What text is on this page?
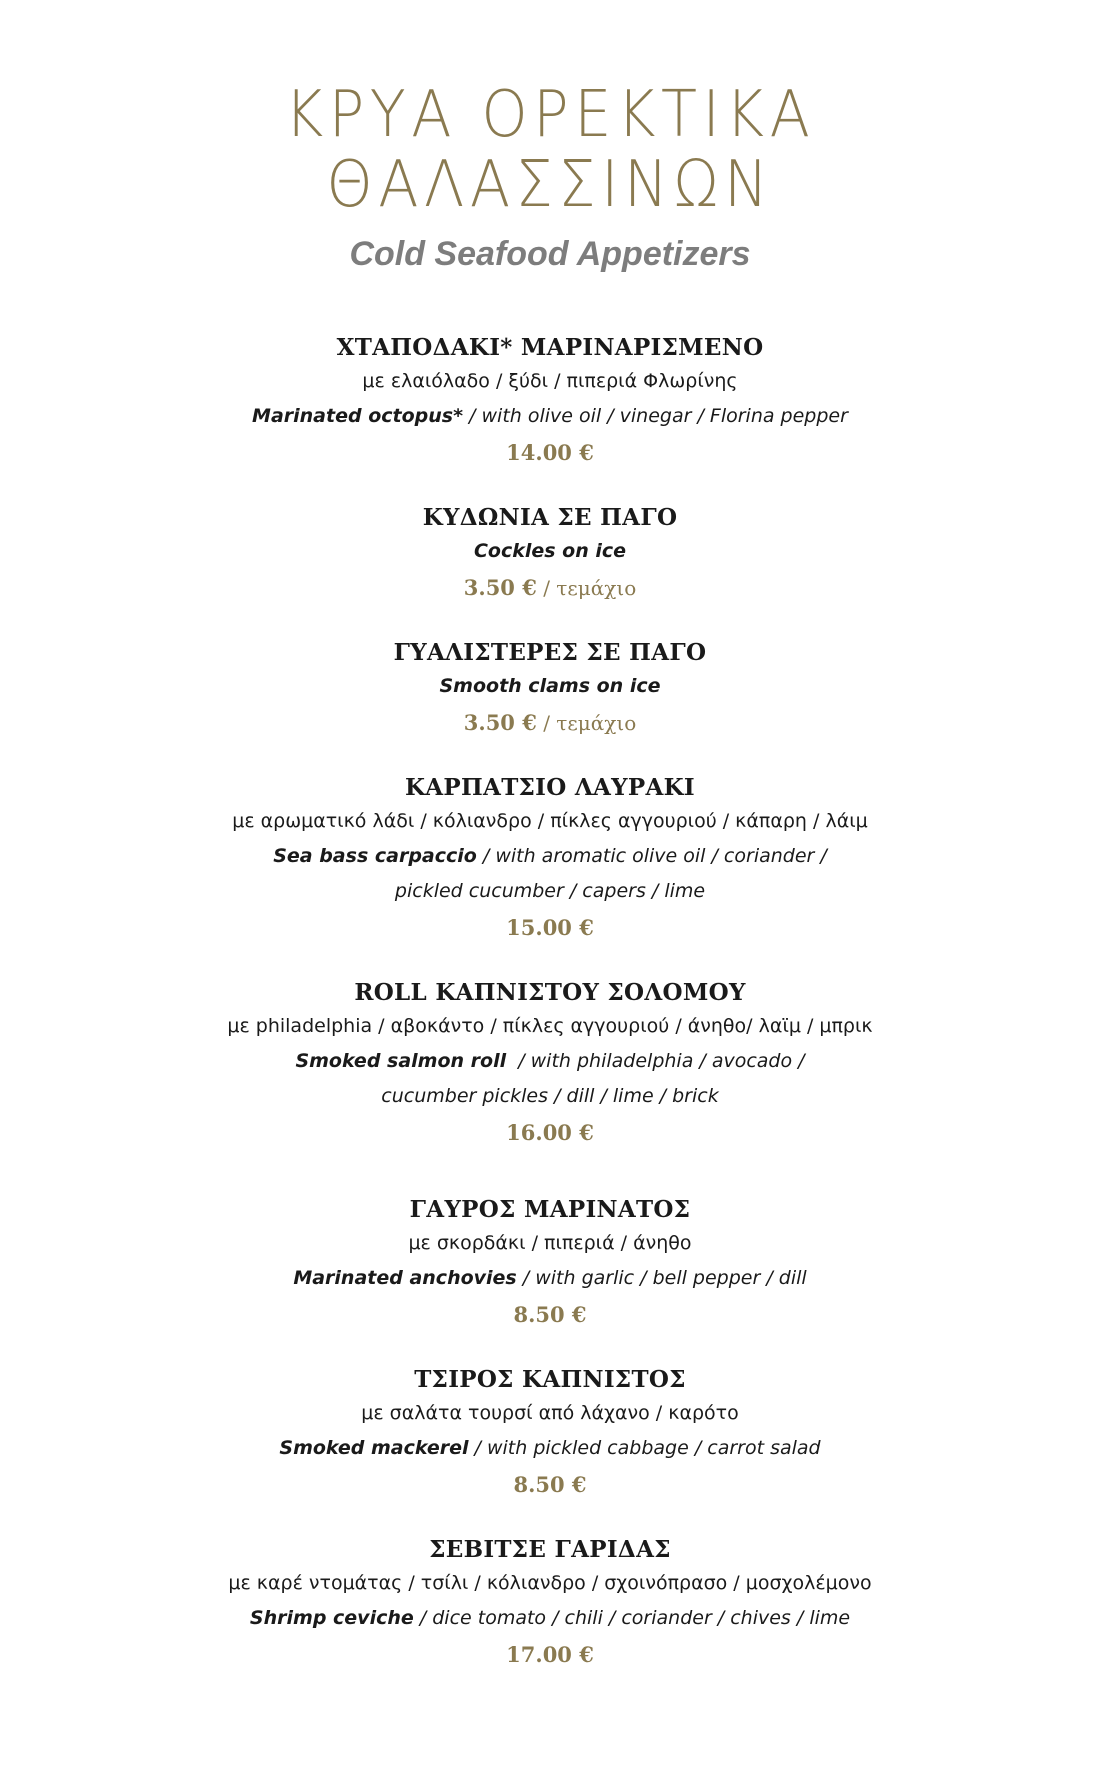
ΚΡΥΑ ΟΡΕΚΤΙΚΑ
ΘΑΛΑΣΣΙΝΩΝ
Cold Seafood Appetizers
ΧΤΑΠΟΔΑΚΙ* ΜΑΡΙΝΑΡΙΣΜΕΝΟ
με ελαιόλαδο / ξύδι / πιπεριά Φλωρίνης
Marinated octopus* / with olive oil / vinegar / Florina pepper
14.00 €
ΚΥΔΩΝΙΑ ΣΕ ΠΑΓΟ
Cockles on ice
3.50 € / τεμάχιο
ΓΥΑΛΙΣΤΕΡΕΣ ΣΕ ΠΑΓΟ
Smooth clams on ice
3.50 € / τεμάχιο
ΚΑΡΠΑΤΣΙΟ ΛΑΥΡΑΚΙ
με αρωματικό λάδι / κόλιανδρο / πίκλες αγγουριού / κάπαρη / λάιμ
Sea bass carpaccio / with aromatic olive oil / coriander /
pickled cucumber / capers / lime
15.00 €
ROLL ΚΑΠΝΙΣΤΟΥ ΣΟΛΟΜΟΥ
με philadelphia / αβοκάντο / πίκλες αγγουριού / άνηθο/ λαϊμ / μπρικ
Smoked salmon roll  / with philadelphia / avocado /
cucumber pickles / dill / lime / brick
16.00 €
ΓΑΥΡΟΣ ΜΑΡΙΝΑΤΟΣ
με σκορδάκι / πιπεριά / άνηθο
Marinated anchovies / with garlic / bell pepper / dill
8.50 €
ΤΣΙΡΟΣ ΚΑΠΝΙΣΤΟΣ
με σαλάτα τουρσί από λάχανο / καρότο
Smoked mackerel / with pickled cabbage / carrot salad
8.50 €
ΣΕΒΙΤΣΕ ΓΑΡΙΔΑΣ
με καρέ ντομάτας / τσίλι / κόλιανδρο / σχοινόπρασο / μοσχολέμονο
Shrimp ceviche / dice tomato / chili / coriander / chives / lime
17.00 €
